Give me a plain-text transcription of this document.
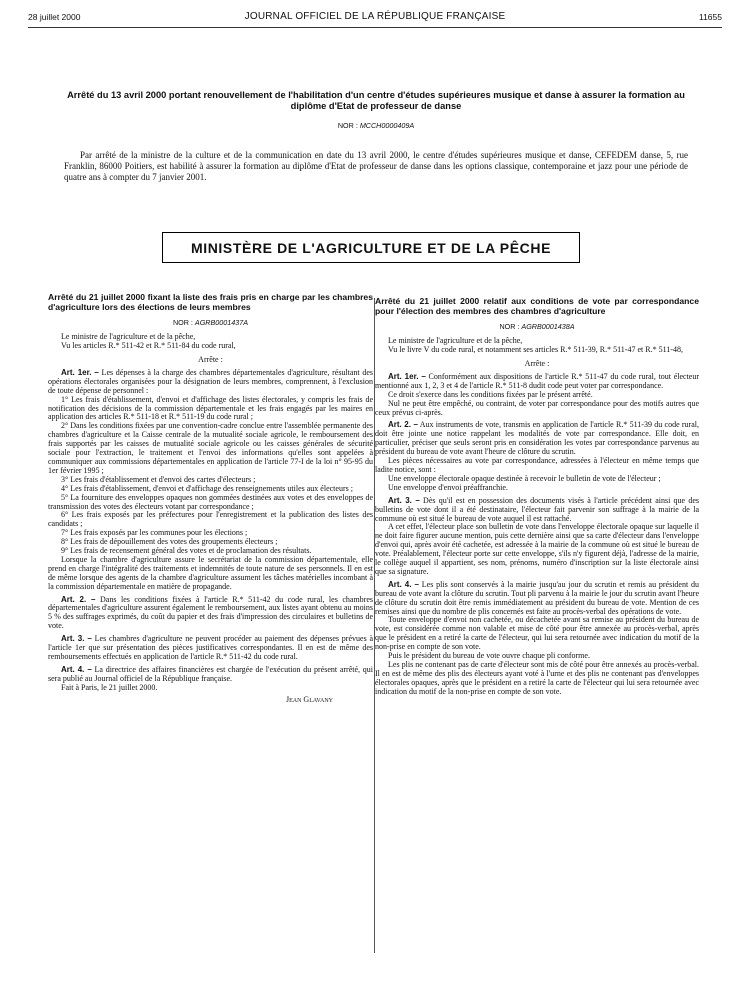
28 juillet 2000	JOURNAL OFFICIEL DE LA RÉPUBLIQUE FRANÇAISE	11655
Arrêté du 13 avril 2000 portant renouvellement de l'habilitation d'un centre d'études supérieures musique et danse à assurer la formation au diplôme d'Etat de professeur de danse
NOR : MCCH0000409A
Par arrêté de la ministre de la culture et de la communication en date du 13 avril 2000, le centre d'études supérieures musique et danse, CEFEDEM danse, 5, rue Franklin, 86000 Poitiers, est habilité à assurer la formation au diplôme d'Etat de professeur de danse dans les options classique, contemporaine et jazz pour une période de quatre ans à compter du 7 janvier 2001.
MINISTÈRE DE L'AGRICULTURE ET DE LA PÊCHE
Arrêté du 21 juillet 2000 fixant la liste des frais pris en charge par les chambres d'agriculture lors des élections de leurs membres
NOR : AGRB0001437A

Le ministre de l'agriculture et de la pêche,

Vu les articles R.* 511-42 et R.* 511-84 du code rural,

Arrête :

Art. 1er. – Les dépenses à la charge des chambres départementales d'agriculture, résultant des opérations électorales organisées pour la désignation de leurs membres, comprennent, à l'exclusion de toute dépense de personnel :

1° Les frais d'établissement, d'envoi et d'affichage des listes électorales, y compris les frais de notification des décisions de la commission départementale et les frais engagés par les maires en application des articles R.* 511-18 et R.* 511-19 du code rural ;

2° Dans les conditions fixées par une convention-cadre conclue entre l'assemblée permanente des chambres d'agriculture et la Caisse centrale de la mutualité sociale agricole, le remboursement des frais supportés par les caisses de mutualité sociale agricole ou les caisses générales de sécurité sociale pour l'extraction, le traitement et l'envoi des informations qu'elles sont appelées à communiquer aux commissions départementales en application de l'article 77-I de la loi n° 95-95 du 1er février 1995 ;

3° Les frais d'établissement et d'envoi des cartes d'électeurs ;

4° Les frais d'établissement, d'envoi et d'affichage des renseignements utiles aux électeurs ;

5° La fourniture des enveloppes opaques non gommées destinées aux votes et des enveloppes de transmission des votes des électeurs votant par correspondance ;

6° Les frais exposés par les préfectures pour l'enregistrement et la publication des listes des candidats ;

7° Les frais exposés par les communes pour les élections ;

8° Les frais de dépouillement des votes des groupements électeurs ;

9° Les frais de recensement général des votes et de proclamation des résultats.

Lorsque la chambre d'agriculture assure le secrétariat de la commission départementale, elle prend en charge l'intégralité des traitements et indemnités de toute nature de ses personnels. Il en est de même lorsque des agents de la chambre d'agriculture assument les tâches matérielles incombant à la commission départementale en matière de propagande.

Art. 2. – Dans les conditions fixées à l'article R.* 511-42 du code rural, les chambres départementales d'agriculture assurent également le remboursement, aux listes ayant obtenu au moins 5 % des suffrages exprimés, du coût du papier et des frais d'impression des circulaires et bulletins de vote.

Art. 3. – Les chambres d'agriculture ne peuvent procéder au paiement des dépenses prévues à l'article 1er que sur présentation des pièces justificatives correspondantes. Il en est de même des remboursements effectués en application de l'article R.* 511-42 du code rural.

Art. 4. – La directrice des affaires financières est chargée de l'exécution du présent arrêté, qui sera publié au Journal officiel de la République française.

Fait à Paris, le 21 juillet 2000.

Jean Glavany

Arrêté du 21 juillet 2000 relatif aux conditions de vote par correspondance pour l'élection des membres des chambres d'agriculture
NOR : AGRB0001438A

Le ministre de l'agriculture et de la pêche,

Vu le livre V du code rural, et notamment ses articles R.* 511-39, R.* 511-47 et R.* 511-48,

Arrête :

Art. 1er. – Conformément aux dispositions de l'article R.* 511-47 du code rural, tout électeur mentionné aux 1, 2, 3 et 4 de l'article R.* 511-8 dudit code peut voter par correspondance.

Ce droit s'exerce dans les conditions fixées par le présent arrêté.

Nul ne peut être empêché, ou contraint, de voter par correspondance pour des motifs autres que ceux prévus ci-après.

Art. 2. – Aux instruments de vote, transmis en application de l'article R.* 511-39 du code rural, doit être jointe une notice rappelant les modalités de vote par correspondance. Elle doit, en particulier, préciser que seuls seront pris en considération les votes par correspondance parvenus au président du bureau de vote avant l'heure de clôture du scrutin.

Les pièces nécessaires au vote par correspondance, adressées à l'électeur en même temps que ladite notice, sont :

Une enveloppe électorale opaque destinée à recevoir le bulletin de vote de l'électeur ;

Une enveloppe d'envoi préaffranchie.

Art. 3. – Dès qu'il est en possession des documents visés à l'article précédent ainsi que des bulletins de vote dont il a été destinataire, l'électeur fait parvenir son suffrage à la mairie de la commune où est situé le bureau de vote auquel il est rattaché.

A cet effet, l'électeur place son bulletin de vote dans l'enveloppe électorale opaque sur laquelle il ne doit faire figurer aucune mention, puis cette dernière ainsi que sa carte d'électeur dans l'enveloppe d'envoi qui, après avoir été cachetée, est adressée à la mairie de la commune où est situé le bureau de vote. Préalablement, l'électeur porte sur cette enveloppe, s'ils n'y figurent déjà, l'adresse de la mairie, le collège auquel il appartient, ses nom, prénoms, numéro d'inscription sur la liste électorale ainsi que sa signature.

Art. 4. – Les plis sont conservés à la mairie jusqu'au jour du scrutin et remis au président du bureau de vote avant la clôture du scrutin. Tout pli parvenu à la mairie le jour du scrutin avant l'heure de clôture du scrutin doit être remis immédiatement au président du bureau de vote. Mention de ces remises ainsi que du nombre de plis concernés est faite au procès-verbal des opérations de vote.

Toute enveloppe d'envoi non cachetée, ou décachetée avant sa remise au président du bureau de vote, est considérée comme non valable et mise de côté pour être annexée au procès-verbal, après que le président en a retiré la carte de l'électeur, qui lui sera retournée avec indication du motif de la non-prise en compte de son vote.

Puis le président du bureau de vote ouvre chaque pli conforme.

Les plis ne contenant pas de carte d'électeur sont mis de côté pour être annexés au procès-verbal. Il en est de même des plis des électeurs ayant voté à l'urne et des plis ne contenant pas d'enveloppes électorales opaques, après que le président en a retiré la carte de l'électeur qui lui sera retournée avec indication du motif de la non-prise en compte de son vote.
